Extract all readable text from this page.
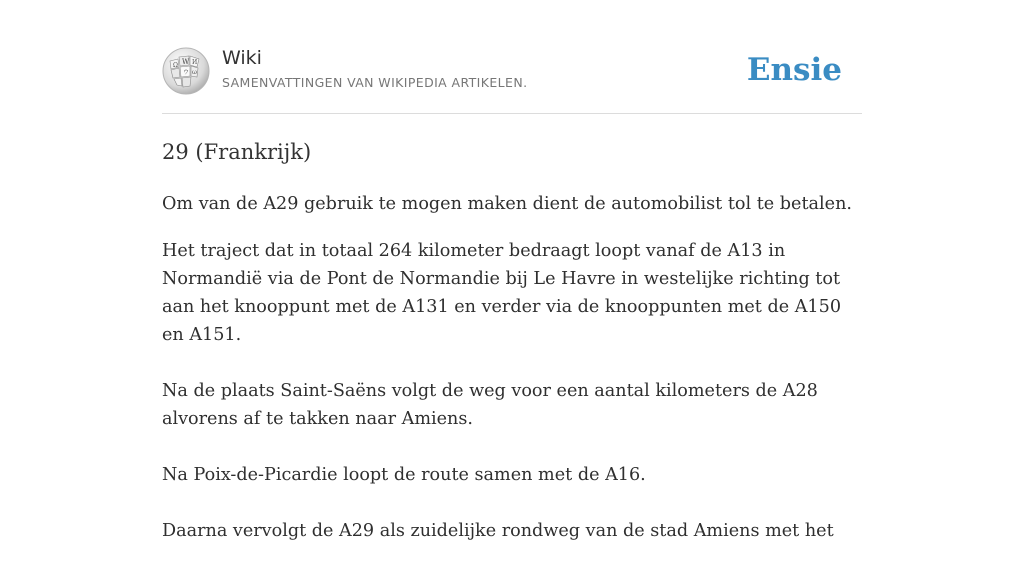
Ω W И
ウ ω
Wiki
SAMENVATTINGEN VAN WIKIPEDIA ARTIKELEN.	Ensie
29 (Frankrijk)

Om van de A29 gebruik te mogen maken dient de automobilist tol te betalen.

Het traject dat in totaal 264 kilometer bedraagt loopt vanaf de A13 in Normandië via de Pont de Normandie bij Le Havre in westelijke richting tot aan het knooppunt met de A131 en verder via de knooppunten met de A150 en A151.

Na de plaats Saint-Saëns volgt de weg voor een aantal kilometers de A28 alvorens af te takken naar Amiens.

Na Poix-de-Picardie loopt de route samen met de A16.

Daarna vervolgt de A29 als zuidelijke rondweg van de stad Amiens met het
